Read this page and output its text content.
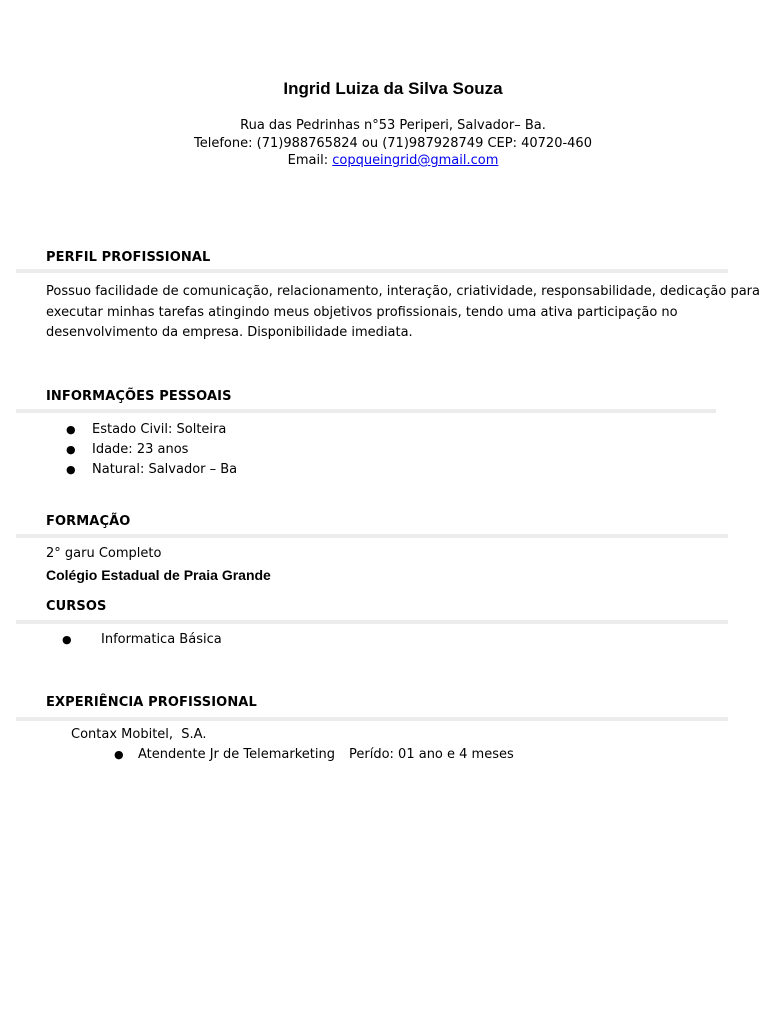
Ingrid Luiza da Silva Souza
Rua das Pedrinhas n°53 Periperi, Salvador– Ba.
Telefone: (71)988765824 ou (71)987928749 CEP: 40720-460
Email: copqueingrid@gmail.com
PERFIL PROFISSIONAL
Possuo facilidade de comunicação, relacionamento, interação, criatividade, responsabilidade, dedicação para
executar minhas tarefas atingindo meus objetivos profissionais, tendo uma ativa participação no
desenvolvimento da empresa. Disponibilidade imediata.
INFORMAÇÕES PESSOAIS
● Estado Civil: Solteira
● Idade: 23 anos
● Natural: Salvador – Ba
FORMAÇÃO
2° garu Completo
Colégio Estadual de Praia Grande
CURSOS
● Informatica Básica
EXPERIÊNCIA PROFISSIONAL
Contax Mobitel,  S.A.
● Atendente Jr de Telemarketing Perído: 01 ano e 4 meses
